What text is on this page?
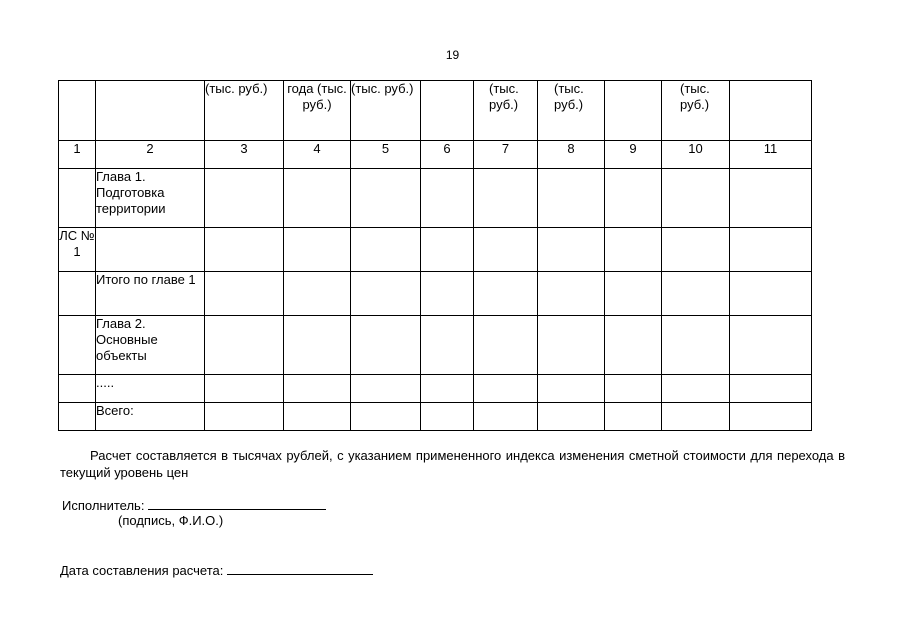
19
		(тыс. руб.)	года (тыс. руб.)	(тыс. руб.)		(тыс. руб.)	(тыс. руб.)		(тыс. руб.)	
1	2	3	4	5	6	7	8	9	10	11
	Глава 1. Подготовка территории									
ЛС № 1										
	Итого по главе 1									
	Глава 2. Основные объекты									
	.....									
	Всего:									
Расчет составляется в тысячах рублей, с указанием примененного индекса изменения сметной стоимости для перехода в текущий уровень цен
Исполнитель:
(подпись, Ф.И.О.)
Дата составления расчета:
